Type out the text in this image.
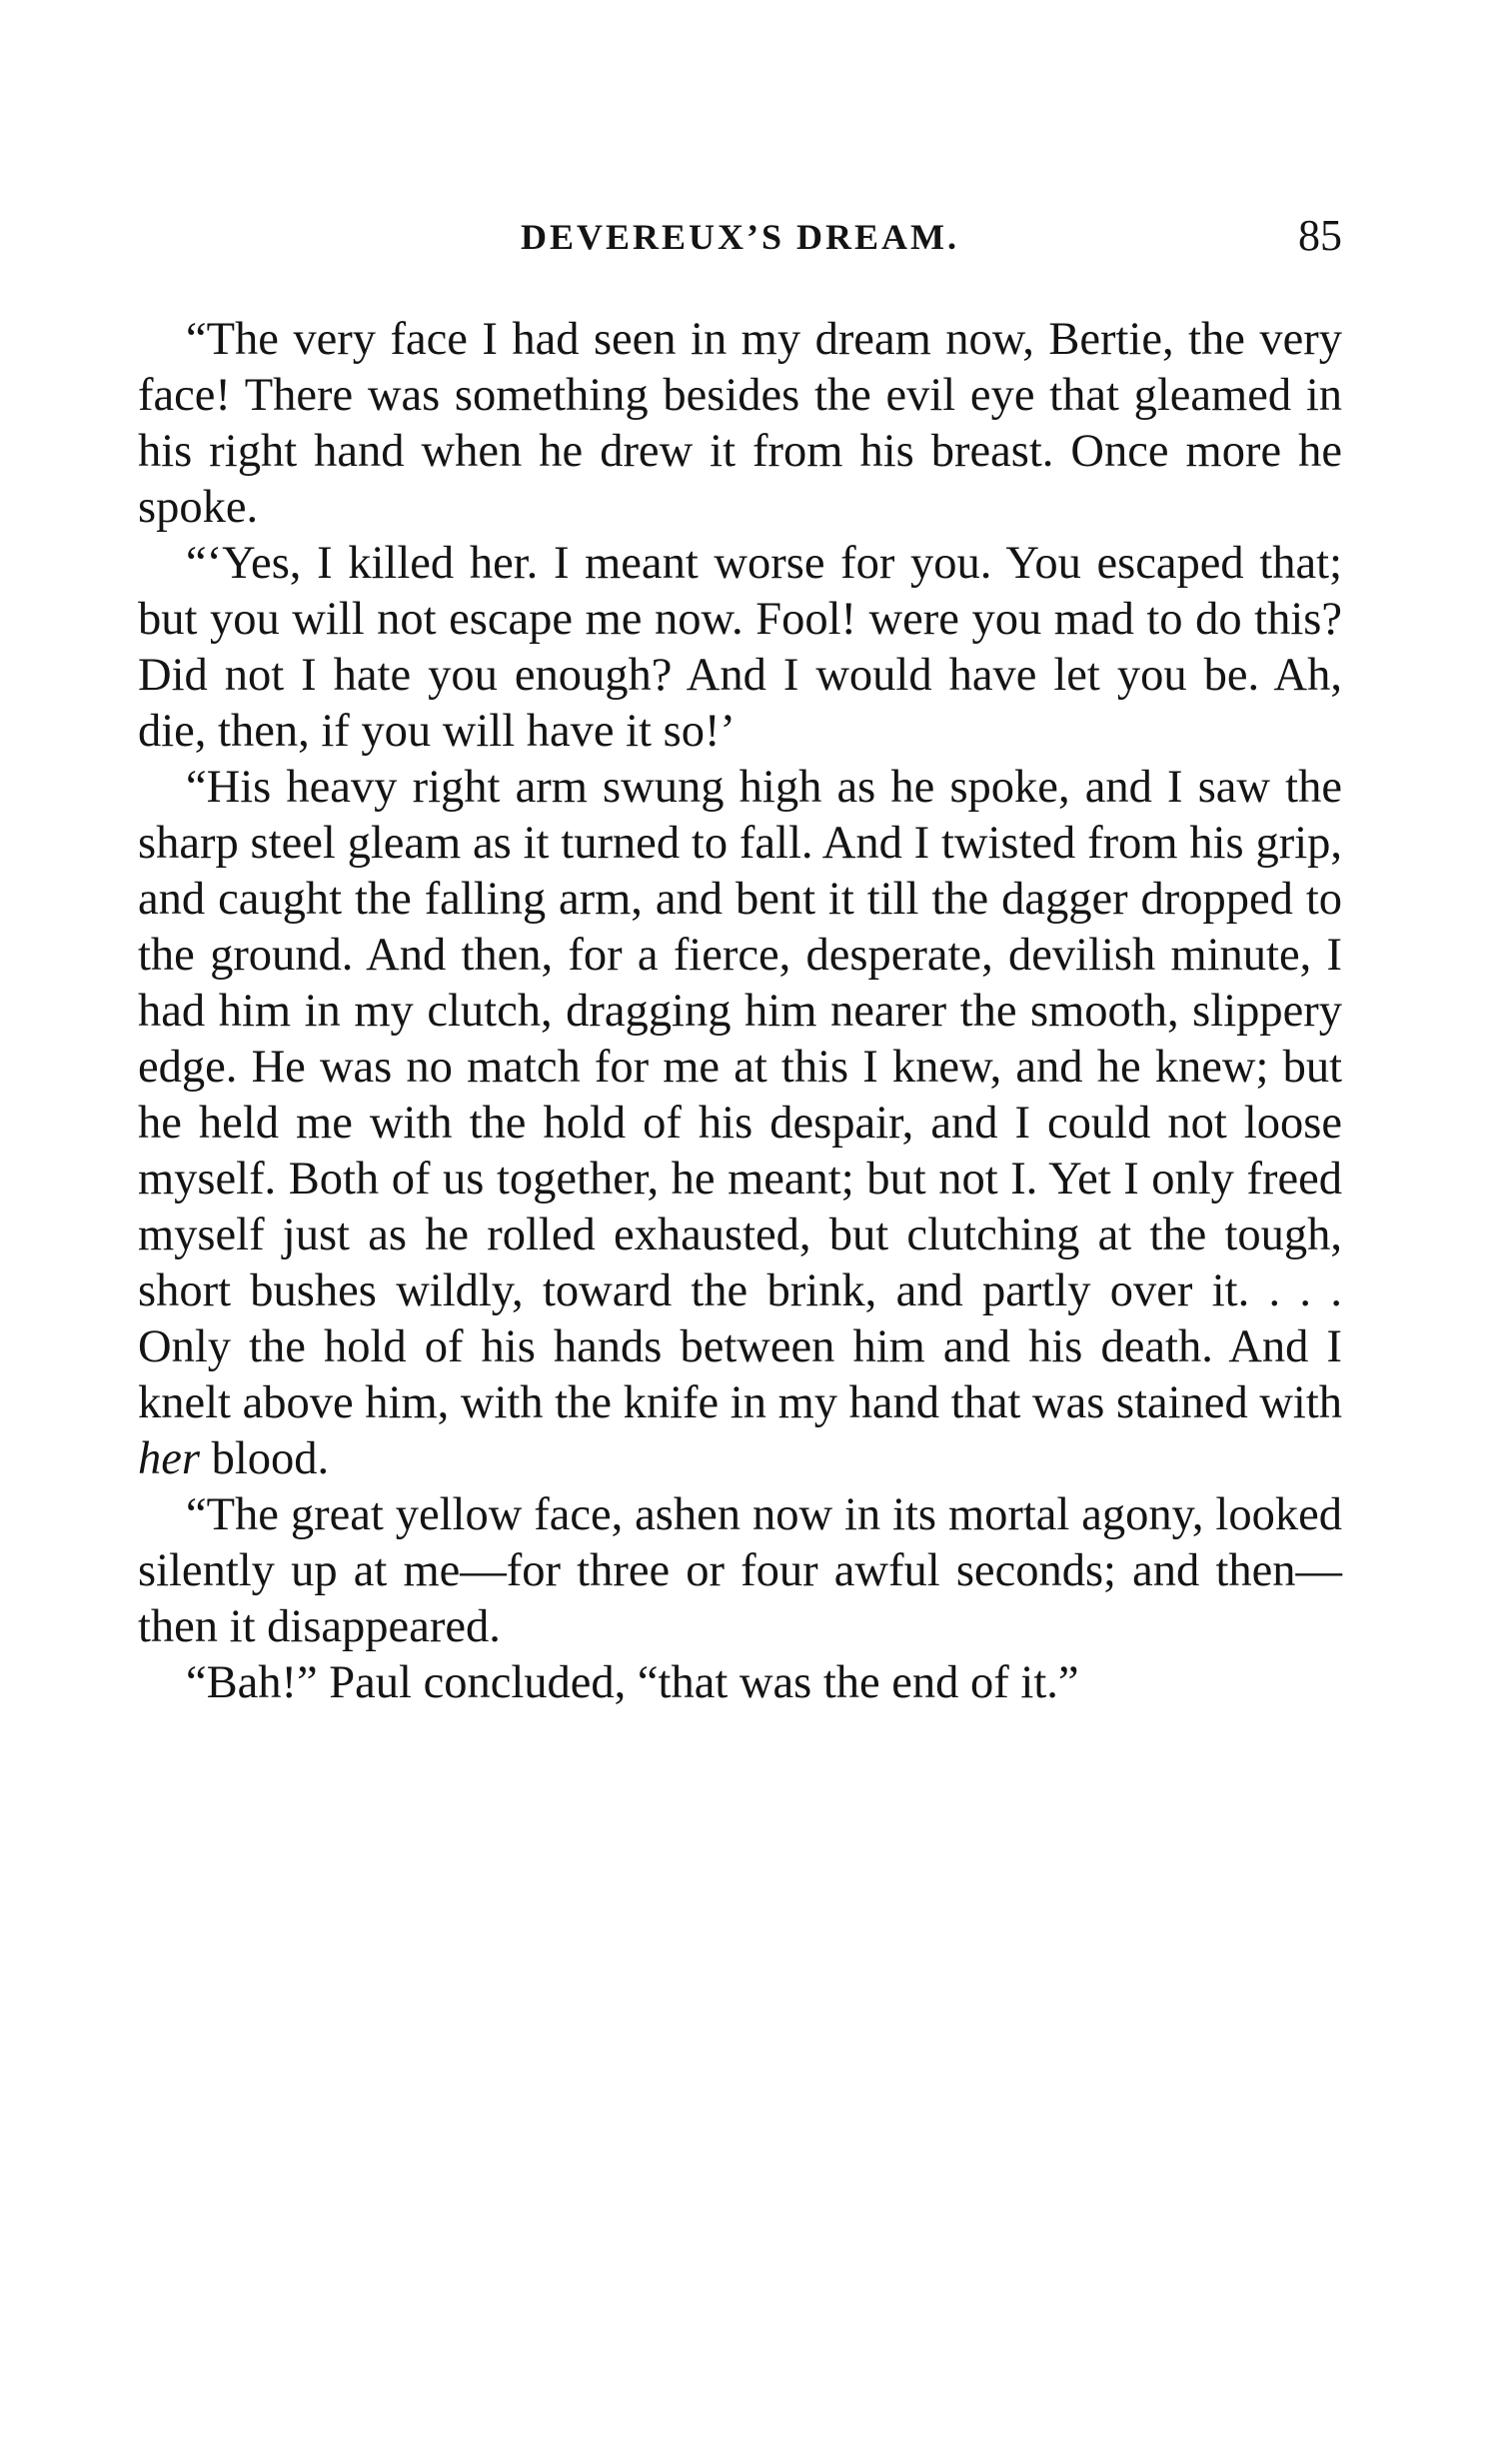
DEVEREUX’S DREAM.	85

“The very face I had seen in my dream now, Bertie, the very face! There was something besides the evil eye that gleamed in his right hand when he drew it from his breast. Once more he spoke.

“‘Yes, I killed her. I meant worse for you. You escaped that; but you will not escape me now. Fool! were you mad to do this? Did not I hate you enough? And I would have let you be. Ah, die, then, if you will have it so!’

“His heavy right arm swung high as he spoke, and I saw the sharp steel gleam as it turned to fall. And I twisted from his grip, and caught the falling arm, and bent it till the dagger dropped to the ground. And then, for a fierce, desperate, devilish minute, I had him in my clutch, dragging him nearer the smooth, slippery edge. He was no match for me at this I knew, and he knew; but he held me with the hold of his despair, and I could not loose myself. Both of us together, he meant; but not I. Yet I only freed myself just as he rolled exhausted, but clutching at the tough, short bushes wildly, toward the brink, and partly over it. . . . Only the hold of his hands between him and his death. And I knelt above him, with the knife in my hand that was stained with her blood.

“The great yellow face, ashen now in its mortal agony, looked silently up at me—for three or four awful seconds; and then—then it disappeared.

“Bah!” Paul concluded, “that was the end of it.”
